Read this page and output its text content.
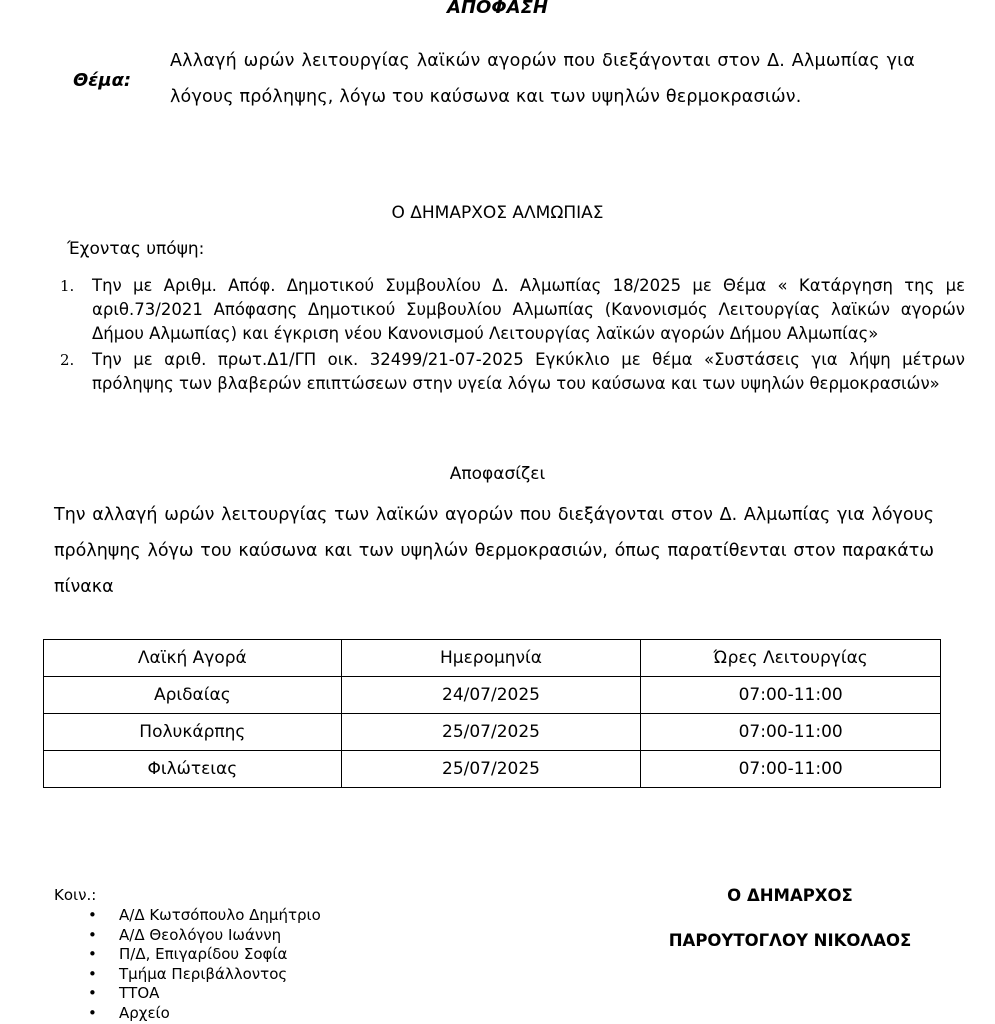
ΑΠΟΦΑΣΗ
Θέμα:
Αλλαγή ωρών λειτουργίας λαϊκών αγορών που διεξάγονται στον Δ. Αλμωπίας για λόγους πρόληψης, λόγω του καύσωνα και των υψηλών θερμοκρασιών.
Ο ΔΗΜΑΡΧΟΣ ΑΛΜΩΠΙΑΣ
Έχοντας υπόψη:
1. Την με Αριθμ. Απόφ. Δημοτικού Συμβουλίου Δ. Αλμωπίας 18/2025 με Θέμα « Κατάργηση της με αριθ.73/2021 Απόφασης Δημοτικού Συμβουλίου Αλμωπίας (Κανονισμός Λειτουργίας λαϊκών αγορών Δήμου Αλμωπίας) και έγκριση νέου Κανονισμού Λειτουργίας λαϊκών αγορών Δήμου Αλμωπίας»
2. Την με αριθ. πρωτ.Δ1/ΓΠ οικ. 32499/21-07-2025 Εγκύκλιο με θέμα «Συστάσεις για λήψη μέτρων πρόληψης των βλαβερών επιπτώσεων στην υγεία λόγω του καύσωνα και των υψηλών θερμοκρασιών»
Αποφασίζει
Την αλλαγή ωρών λειτουργίας των λαϊκών αγορών που διεξάγονται στον Δ. Αλμωπίας για λόγους πρόληψης λόγω του καύσωνα και των υψηλών θερμοκρασιών, όπως παρατίθενται στον παρακάτω πίνακα
Λαϊκή Αγορά	Ημερομηνία	Ώρες Λειτουργίας
Αριδαίας	24/07/2025	07:00-11:00
Πολυκάρπης	25/07/2025	07:00-11:00
Φιλώτειας	25/07/2025	07:00-11:00
Κοιν.:
• Α/Δ Κωτσόπουλο Δημήτριο
• Α/Δ Θεολόγου Ιωάννη
• Π/Δ, Επιγαρίδου Σοφία
• Τμήμα Περιβάλλοντος
• ΤΤΟΑ
• Αρχείο
Ο ΔΗΜΑΡΧΟΣ
ΠΑΡΟΥΤΟΓΛΟΥ ΝΙΚΟΛΑΟΣ
